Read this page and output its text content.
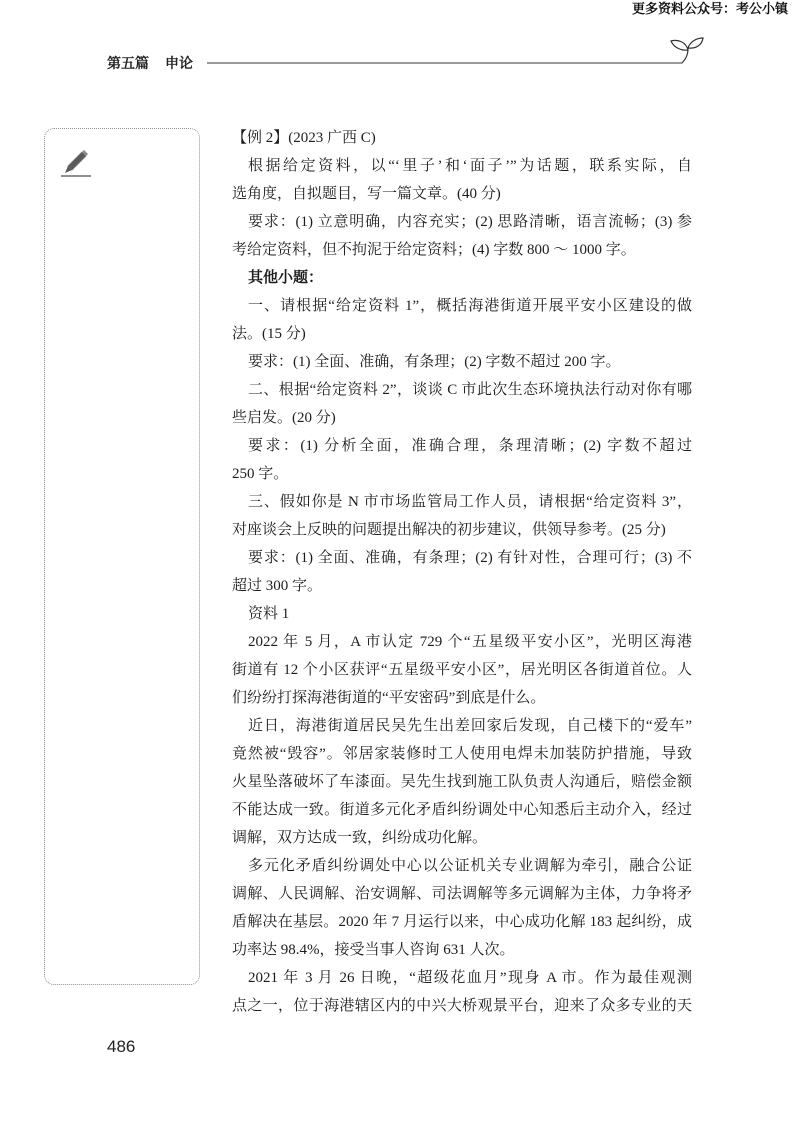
更多资料公众号：考公小镇
第五篇 申论
【例 2】(2023 广西 C)
根据给定资料，以“‘里子’和‘面子’”为话题，联系实际，自
选角度，自拟题目，写一篇文章。(40 分)
要求：(1) 立意明确，内容充实；(2) 思路清晰，语言流畅；(3) 参
考给定资料，但不拘泥于给定资料；(4) 字数 800 ～ 1000 字。
其他小题：
一、请根据“给定资料 1”，概括海港街道开展平安小区建设的做
法。(15 分)
要求：(1) 全面、准确，有条理；(2) 字数不超过 200 字。
二、根据“给定资料 2”，谈谈 C 市此次生态环境执法行动对你有哪
些启发。(20 分)
要求：(1) 分析全面，准确合理，条理清晰；(2) 字数不超过
250 字。
三、假如你是 N 市市场监管局工作人员，请根据“给定资料 3”，
对座谈会上反映的问题提出解决的初步建议，供领导参考。(25 分)
要求：(1) 全面、准确，有条理；(2) 有针对性，合理可行；(3) 不
超过 300 字。
资料 1
2022 年 5 月，A 市认定 729 个“五星级平安小区”，光明区海港
街道有 12 个小区获评“五星级平安小区”，居光明区各街道首位。人
们纷纷打探海港街道的“平安密码”到底是什么。
近日，海港街道居民吴先生出差回家后发现，自己楼下的“爱车”
竟然被“毁容”。邻居家装修时工人使用电焊未加装防护措施，导致
火星坠落破坏了车漆面。吴先生找到施工队负责人沟通后，赔偿金额
不能达成一致。街道多元化矛盾纠纷调处中心知悉后主动介入，经过
调解，双方达成一致，纠纷成功化解。
多元化矛盾纠纷调处中心以公证机关专业调解为牵引，融合公证
调解、人民调解、治安调解、司法调解等多元调解为主体，力争将矛
盾解决在基层。2020 年 7 月运行以来，中心成功化解 183 起纠纷，成
功率达 98.4%，接受当事人咨询 631 人次。
2021 年 3 月 26 日晚，“超级花血月”现身 A 市。作为最佳观测
点之一，位于海港辖区内的中兴大桥观景平台，迎来了众多专业的天
486
